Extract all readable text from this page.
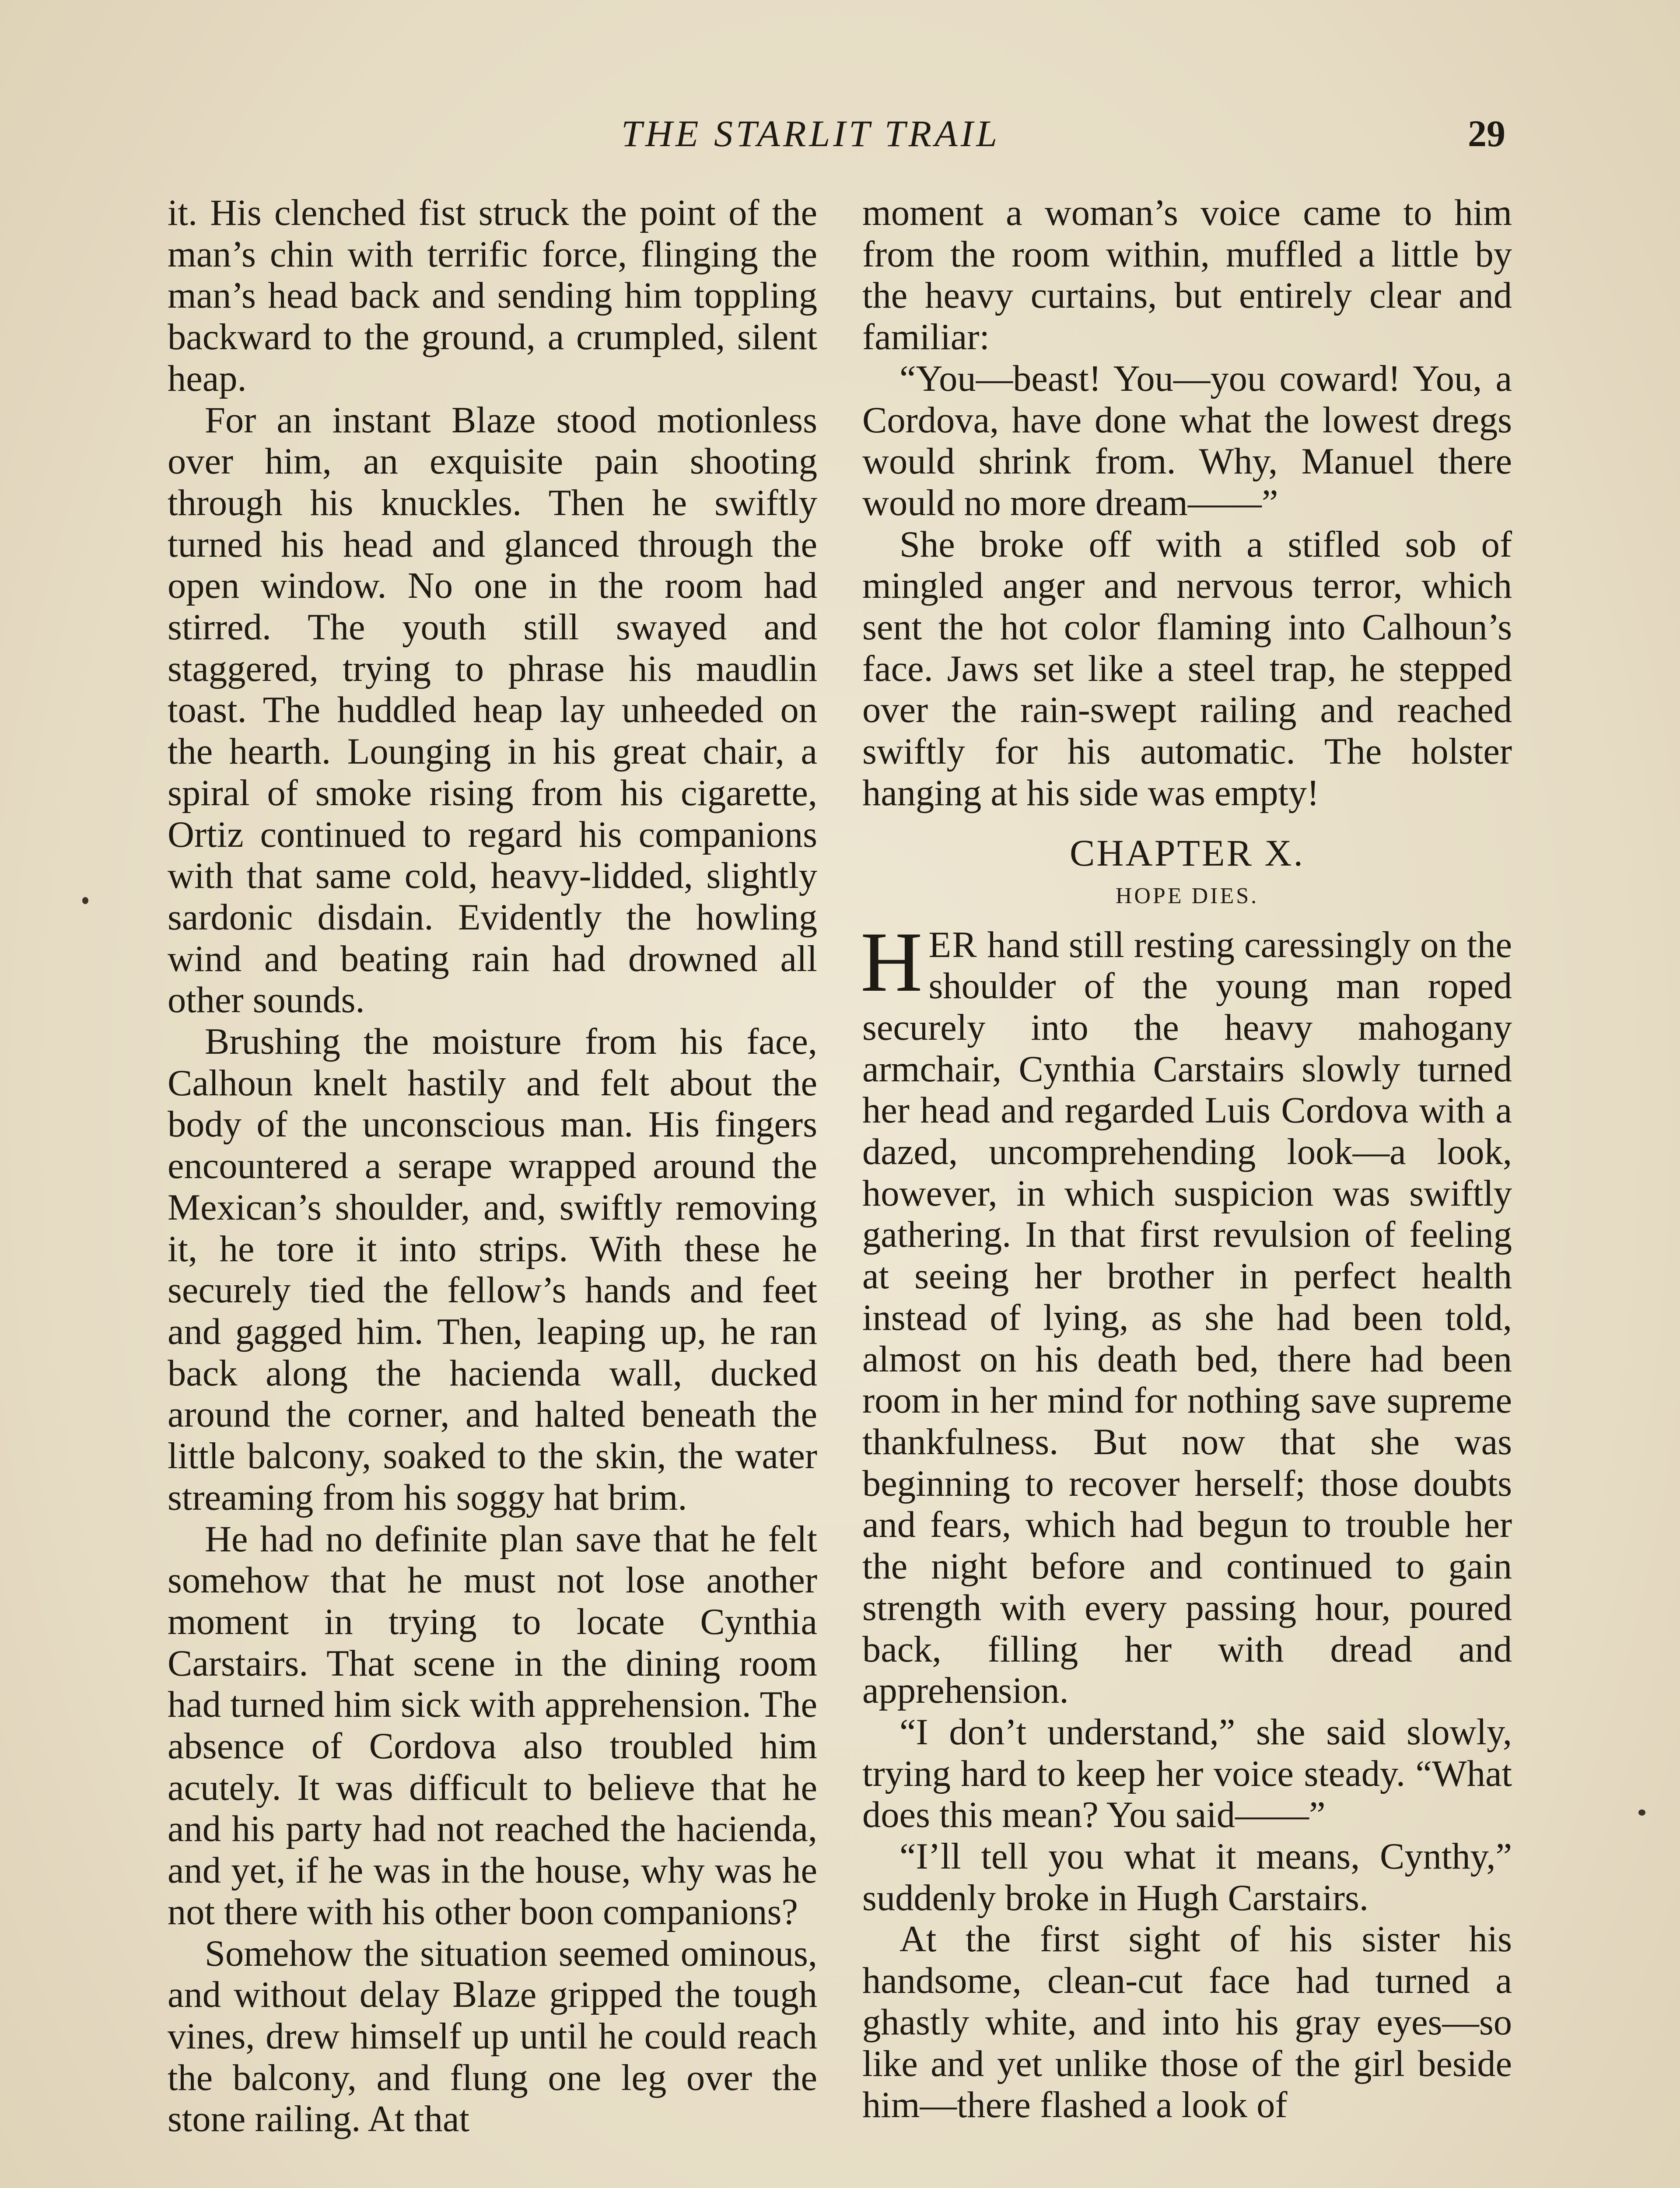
THE STARLIT TRAIL	29

it. His clenched fist struck the point of the man’s chin with terrific force, flinging the man’s head back and sending him toppling backward to the ground, a crumpled, silent heap.

For an instant Blaze stood motionless over him, an exquisite pain shooting through his knuckles. Then he swiftly turned his head and glanced through the open window. No one in the room had stirred. The youth still swayed and staggered, trying to phrase his maudlin toast. The huddled heap lay unheeded on the hearth. Lounging in his great chair, a spiral of smoke rising from his cigarette, Ortiz continued to regard his companions with that same cold, heavy-lidded, slightly sardonic disdain. Evidently the howling wind and beating rain had drowned all other sounds.

Brushing the moisture from his face, Calhoun knelt hastily and felt about the body of the unconscious man. His fingers encountered a serape wrapped around the Mexican’s shoulder, and, swiftly removing it, he tore it into strips. With these he securely tied the fellow’s hands and feet and gagged him. Then, leaping up, he ran back along the hacienda wall, ducked around the corner, and halted beneath the little balcony, soaked to the skin, the water streaming from his soggy hat brim.

He had no definite plan save that he felt somehow that he must not lose another moment in trying to locate Cynthia Carstairs. That scene in the dining room had turned him sick with apprehension. The absence of Cordova also troubled him acutely. It was difficult to believe that he and his party had not reached the hacienda, and yet, if he was in the house, why was he not there with his other boon companions?

Somehow the situation seemed ominous, and without delay Blaze gripped the tough vines, drew himself up until he could reach the balcony, and flung one leg over the stone railing. At that

moment a woman’s voice came to him from the room within, muffled a little by the heavy curtains, but entirely clear and familiar:

“You—beast! You—you coward! You, a Cordova, have done what the lowest dregs would shrink from. Why, Manuel there would no more dream——”

She broke off with a stifled sob of mingled anger and nervous terror, which sent the hot color flaming into Calhoun’s face. Jaws set like a steel trap, he stepped over the rain-swept railing and reached swiftly for his automatic. The holster hanging at his side was empty!

CHAPTER X.
HOPE DIES.

HER hand still resting caressingly on the shoulder of the young man roped securely into the heavy mahogany armchair, Cynthia Carstairs slowly turned her head and regarded Luis Cordova with a dazed, uncomprehending look—a look, however, in which suspicion was swiftly gathering. In that first revulsion of feeling at seeing her brother in perfect health instead of lying, as she had been told, almost on his death bed, there had been room in her mind for nothing save supreme thankfulness. But now that she was beginning to recover herself; those doubts and fears, which had begun to trouble her the night before and continued to gain strength with every passing hour, poured back, filling her with dread and apprehension.

“I don’t understand,” she said slowly, trying hard to keep her voice steady. “What does this mean? You said——”

“I’ll tell you what it means, Cynthy,” suddenly broke in Hugh Carstairs.

At the first sight of his sister his handsome, clean-cut face had turned a ghastly white, and into his gray eyes—so like and yet unlike those of the girl beside him—there flashed a look of
